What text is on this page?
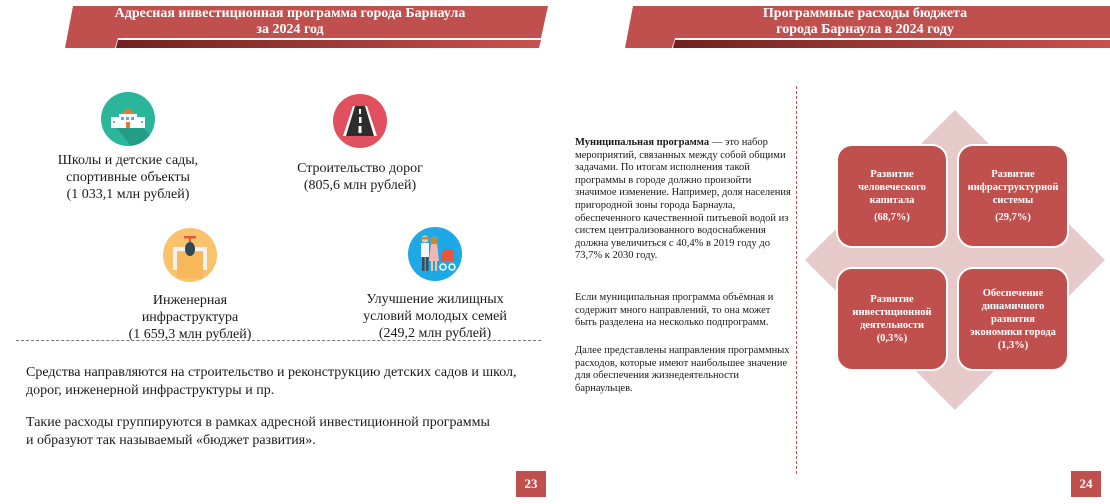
Адресная инвестиционная программа города Барнаула
за 2024 год
Школы и детские сады,
спортивные объекты
(1 033,1 млн рублей)
Строительство дорог
(805,6 млн рублей)
Инженерная
инфраструктура
(1 659,3 млн рублей)
Улучшение жилищных
условий молодых семей
(249,2 млн рублей)
Средства направляются на строительство и реконструкцию детских садов и школ,
дорог, инженерной инфраструктуры и пр.
Такие расходы группируются в рамках адресной инвестиционной программы
и образуют так называемый «бюджет развития».
23
Программные расходы бюджета
города Барнаула в 2024 году
Муниципальная программа — это набор
мероприятий, связанных между собой общими
задачами. По итогам исполнения такой
программы в городе должно произойти
значимое изменение. Например, доля населения
пригородной зоны города Барнаула,
обеспеченного качественной питьевой водой из
систем централизованного водоснабжения
должна увеличиться с 40,4% в 2019 году до
73,7% к 2030 году.
Если муниципальная программа объёмная и
содержит много направлений, то она может
быть разделена на несколько подпрограмм.
Далее представлены направления программных
расходов, которые имеют наибольшее значение
для обеспечения жизнедеятельности
барнаульцев.
Развитие
человеческого
капитала
(68,7%)
Развитие
инфраструктурной
системы
(29,7%)
Развитие
инвестиционной
деятельности
(0,3%)
Обеспечение
динамичного
развития
экономики города
(1,3%)
24
